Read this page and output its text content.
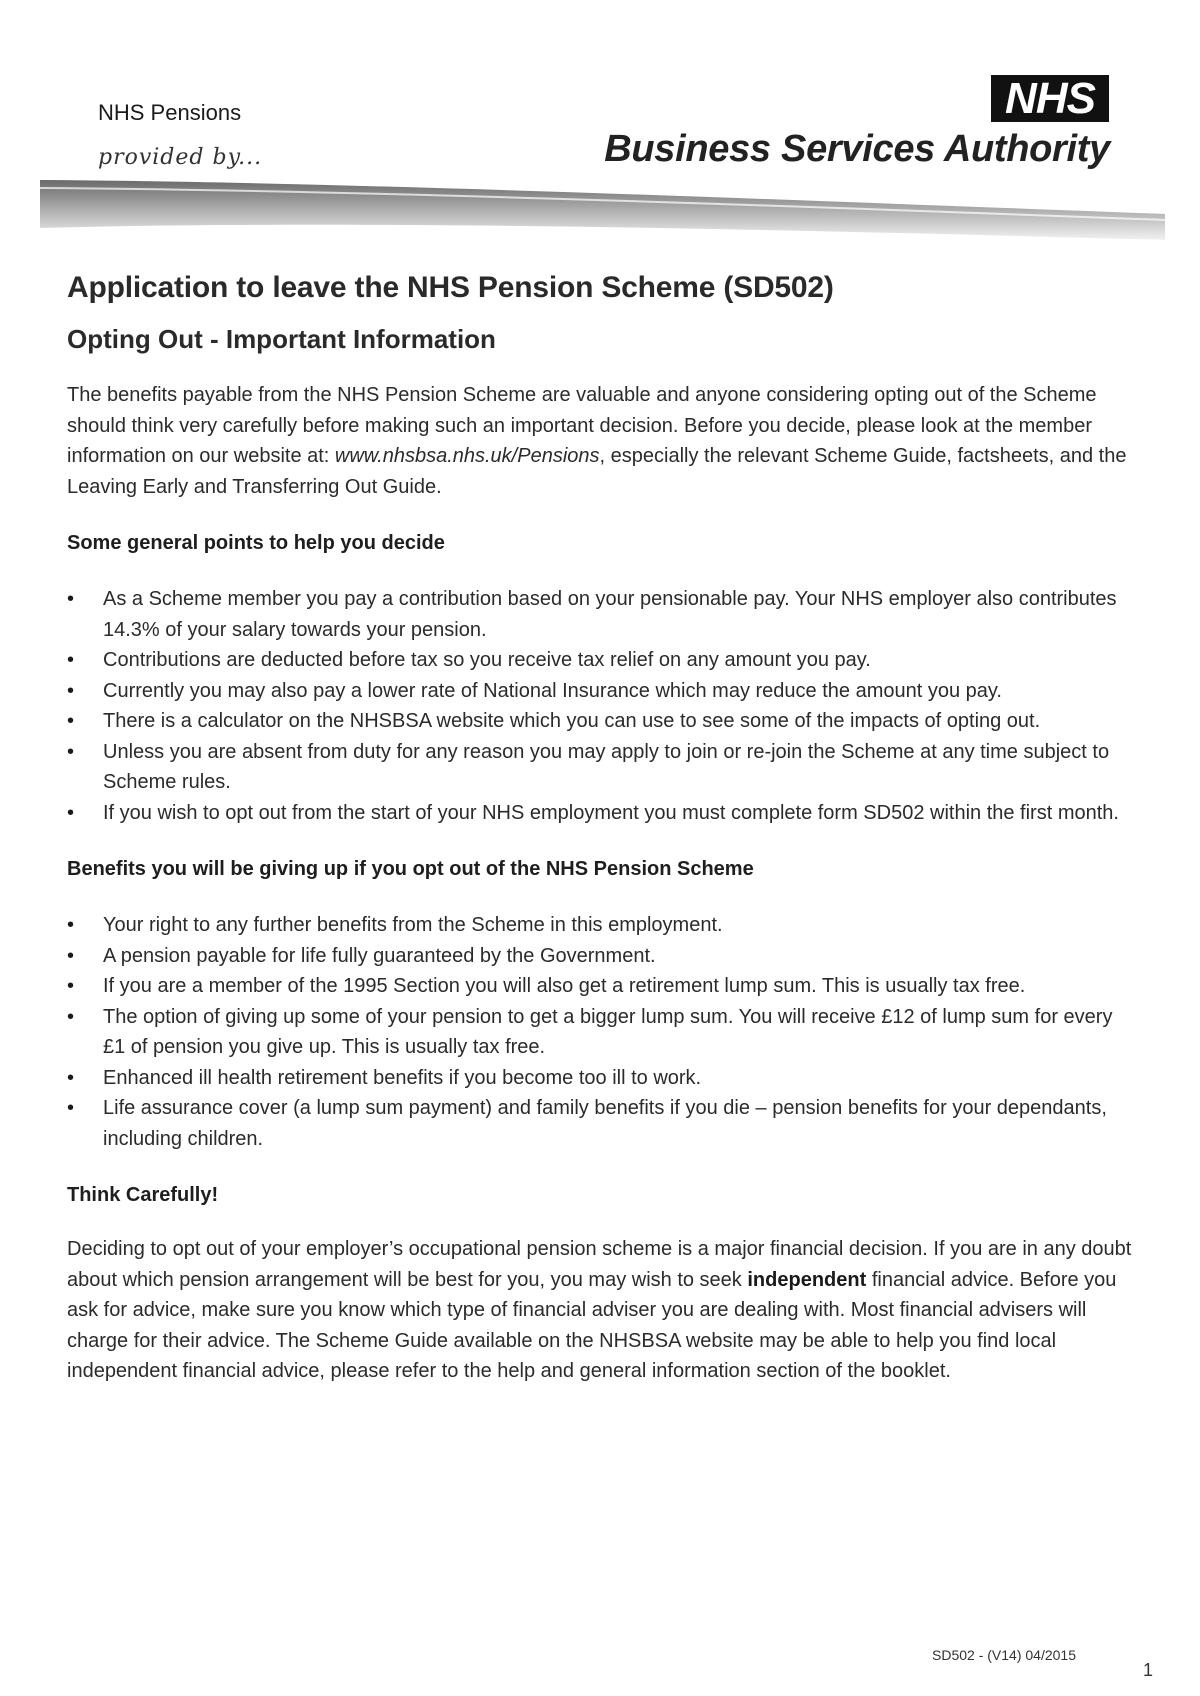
NHS Pensions
provided by...
NHS
Business Services Authority
Application to leave the NHS Pension Scheme (SD502)
Opting Out - Important Information

The benefits payable from the NHS Pension Scheme are valuable and anyone considering opting out of the Scheme should think very carefully before making such an important decision. Before you decide, please look at the member information on our website at: www.nhsbsa.nhs.uk/Pensions, especially the relevant Scheme Guide, factsheets, and the Leaving Early and Transferring Out Guide.

Some general points to help you decide
• As a Scheme member you pay a contribution based on your pensionable pay. Your NHS employer also contributes 14.3% of your salary towards your pension.
• Contributions are deducted before tax so you receive tax relief on any amount you pay.
• Currently you may also pay a lower rate of National Insurance which may reduce the amount you pay.
• There is a calculator on the NHSBSA website which you can use to see some of the impacts of opting out.
• Unless you are absent from duty for any reason you may apply to join or re-join the Scheme at any time subject to Scheme rules.
• If you wish to opt out from the start of your NHS employment you must complete form SD502 within the first month.
Benefits you will be giving up if you opt out of the NHS Pension Scheme
• Your right to any further benefits from the Scheme in this employment.
• A pension payable for life fully guaranteed by the Government.
• If you are a member of the 1995 Section you will also get a retirement lump sum. This is usually tax free.
• The option of giving up some of your pension to get a bigger lump sum. You will receive £12 of lump sum for every £1 of pension you give up. This is usually tax free.
• Enhanced ill health retirement benefits if you become too ill to work.
• Life assurance cover (a lump sum payment) and family benefits if you die – pension benefits for your dependants, including children.
Think Carefully!

Deciding to opt out of your employer’s occupational pension scheme is a major financial decision. If you are in any doubt about which pension arrangement will be best for you, you may wish to seek independent financial advice. Before you ask for advice, make sure you know which type of financial adviser you are dealing with. Most financial advisers will charge for their advice. The Scheme Guide available on the NHSBSA website may be able to help you find local independent financial advice, please refer to the help and general information section of the booklet.

SD502 - (V14) 04/2015
1
